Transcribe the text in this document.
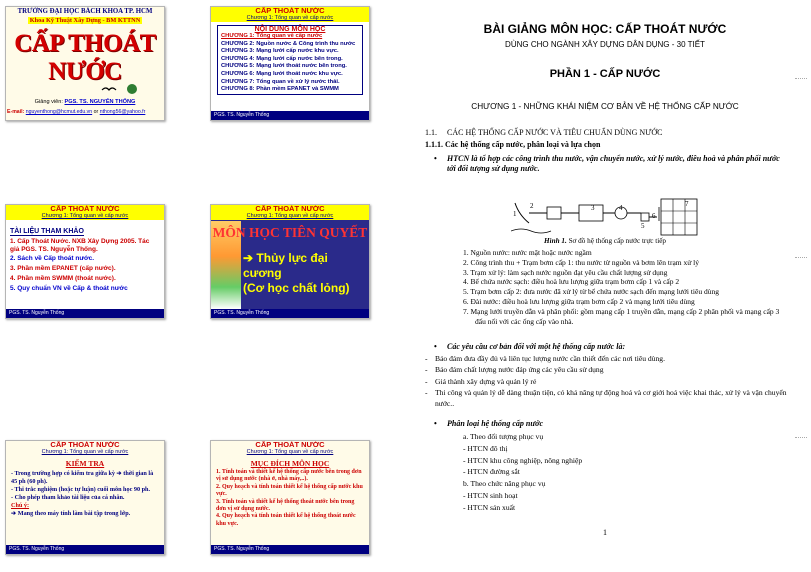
TRƯỜNG ĐẠI HỌC BÁCH KHOA TP. HCM
Khoa Kỹ Thuật Xây Dựng - BM KTTNN
CẤP THOÁT NƯỚC
Giảng viên: PGS. TS. NGUYỄN THỐNG
E-mail: nguyenthong@hcmut.edu.vn or nthong56@yahoo.fr
CẤP THOÁT NƯỚC
Chương 1: Tổng quan về cấp nước
NỘI DUNG MÔN HỌC
CHƯƠNG 1: Tổng quan về cấp nước
CHƯƠNG 2: Nguồn nước & Công trình thu nước
CHƯƠNG 3: Mạng lưới cấp nước khu vực.
CHƯƠNG 4: Mạng lưới cấp nước bên trong.
CHƯƠNG 5: Mạng lưới thoát nước bên trong.
CHƯƠNG 6: Mạng lưới thoát nước khu vực.
CHƯƠNG 7: Tổng quan về xử lý nước thải.
CHƯƠNG 8: Phần mềm EPANET và SWMM
PGS. TS. Nguyễn Thống
CẤP THOÁT NƯỚC
Chương 1: Tổng quan về cấp nước
TÀI LIỆU THAM KHẢO
1. Cấp Thoát Nước. NXB Xây Dựng 2005. Tác giả PGS. TS. Nguyễn Thống.
2. Sách về Cấp thoát nước.
3. Phần mềm EPANET (cấp nước).
4. Phần mềm SWMM (thoát nước).
5. Quy chuẩn VN về Cấp & thoát nước
PGS. TS. Nguyễn Thống
CẤP THOÁT NƯỚC
Chương 1: Tổng quan về cấp nước
MÔN HỌC TIÊN QUYẾT
➔ Thủy lực đại cương
(Cơ học chất lỏng)
PGS. TS. Nguyễn Thống
CẤP THOÁT NƯỚC
Chương 1: Tổng quan về cấp nước
KIỂM TRA
- Trong trường hợp có kiểm tra giữa kỳ ➔ thời gian là 45 ph (60 ph).
- Thi trắc nghiệm (hoặc tự luận) cuối môn học 90 ph.
- Cho phép tham khảo tài liệu của cá nhân.
Chú ý:
➔ Mang theo máy tính làm bài tập trong lớp.
PGS. TS. Nguyễn Thống
CẤP THOÁT NƯỚC
Chương 1: Tổng quan về cấp nước
MỤC ĐÍCH MÔN HỌC
1. Tính toán và thiết kế hệ thống cấp nước bên trong đơn vị sử dụng nước (nhà ở, nhà máy,..).
2. Quy hoạch và tính toán thiết kế hệ thống cấp nước khu vực.
3. Tính toán và thiết kế hệ thống thoát nước bên trong đơn vị sử dụng nước.
4. Quy hoạch và tính toán thiết kế hệ thống thoát nước khu vực.
PGS. TS. Nguyễn Thống
BÀI GIẢNG MÔN HỌC: CẤP THOÁT NƯỚC
DÙNG CHO NGÀNH XÂY DỰNG DÂN DỤNG - 30 TIẾT
PHẦN 1 - CẤP NƯỚC
CHƯƠNG 1 - NHỮNG KHÁI NIỆM CƠ BẢN VỀ HỆ THỐNG CẤP NƯỚC
1.1. CÁC HỆ THỐNG CẤP NƯỚC VÀ TIÊU CHUẨN DÙNG NƯỚC
1.1.1. Các hệ thống cấp nước, phân loại và lựa chọn
• HTCN là tổ hợp các công trình thu nước, vận chuyển nước, xử lý nước, điều hoà và phân phối nước tới đối tượng sử dụng nước.
1
2	3	4
5
6
7
Hình 1. Sơ đồ hệ thống cấp nước trực tiếp
1. Nguồn nước: nước mặt hoặc nước ngầm
2. Công trình thu + Trạm bơm cấp 1: thu nước từ nguồn và bơm lên trạm xử lý
3. Trạm xử lý: làm sạch nước nguồn đạt yêu cầu chất lượng sử dụng
4. Bể chứa nước sạch: điều hoà lưu lượng giữa trạm bơm cấp 1 và cấp 2
5. Trạm bơm cấp 2: đưa nước đã xử lý từ bể chứa nước sạch đến mạng lưới tiêu dùng
6. Đài nước: điều hoà lưu lượng giữa trạm bơm cấp 2 và mạng lưới tiêu dùng
7. Mạng lưới truyền dẫn và phân phối: gồm mạng cấp 1 truyền dẫn, mạng cấp 2 phân phối và mạng cấp 3 đấu nối với các ống cấp vào nhà.
• Các yêu cầu cơ bản đối với một hệ thống cấp nước là:
- Bảo đảm đưa đầy đủ và liên tục lượng nước cần thiết đến các nơi tiêu dùng.
- Bảo đảm chất lượng nước đáp ứng các yêu cầu sử dụng
- Giá thành xây dựng và quản lý rẻ
- Thi công và quản lý dễ dàng thuận tiện, có khả năng tự động hoá và cơ giới hoá việc khai thác, xử lý và vận chuyển nước..
• Phân loại hệ thống cấp nước
a. Theo đối tượng phục vụ
- HTCN đô thị
- HTCN khu công nghiệp, nông nghiệp
- HTCN đường sắt
b. Theo chức năng phục vụ
- HTCN sinh hoạt
- HTCN sản xuất
1
